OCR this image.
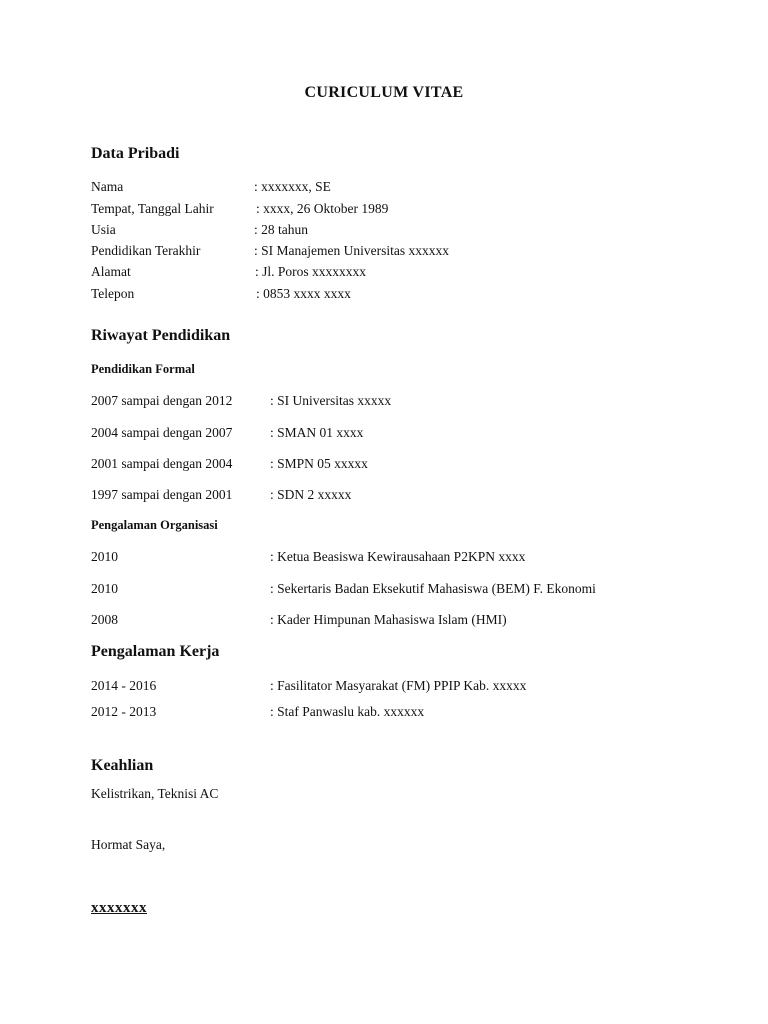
CURICULUM VITAE
Data Pribadi
Nama	: xxxxxxx, SE
Tempat, Tanggal Lahir	: xxxx, 26 Oktober 1989
Usia	: 28 tahun
Pendidikan Terakhir	: SI Manajemen Universitas xxxxxx
Alamat	: Jl. Poros xxxxxxxx
Telepon	: 0853 xxxx xxxx
Riwayat Pendidikan
Pendidikan Formal
2007 sampai dengan 2012	: SI Universitas xxxxx
2004 sampai dengan 2007	: SMAN 01 xxxx
2001 sampai dengan 2004	: SMPN 05 xxxxx
1997 sampai dengan 2001	: SDN 2 xxxxx
Pengalaman Organisasi
2010	: Ketua Beasiswa Kewirausahaan P2KPN xxxx
2010	: Sekertaris Badan Eksekutif Mahasiswa (BEM) F. Ekonomi
2008	: Kader Himpunan Mahasiswa Islam (HMI)
Pengalaman Kerja
2014 - 2016	: Fasilitator Masyarakat (FM) PPIP Kab. xxxxx
2012 - 2013	: Staf Panwaslu kab. xxxxxx
Keahlian
Kelistrikan, Teknisi AC
Hormat Saya,
xxxxxxx
